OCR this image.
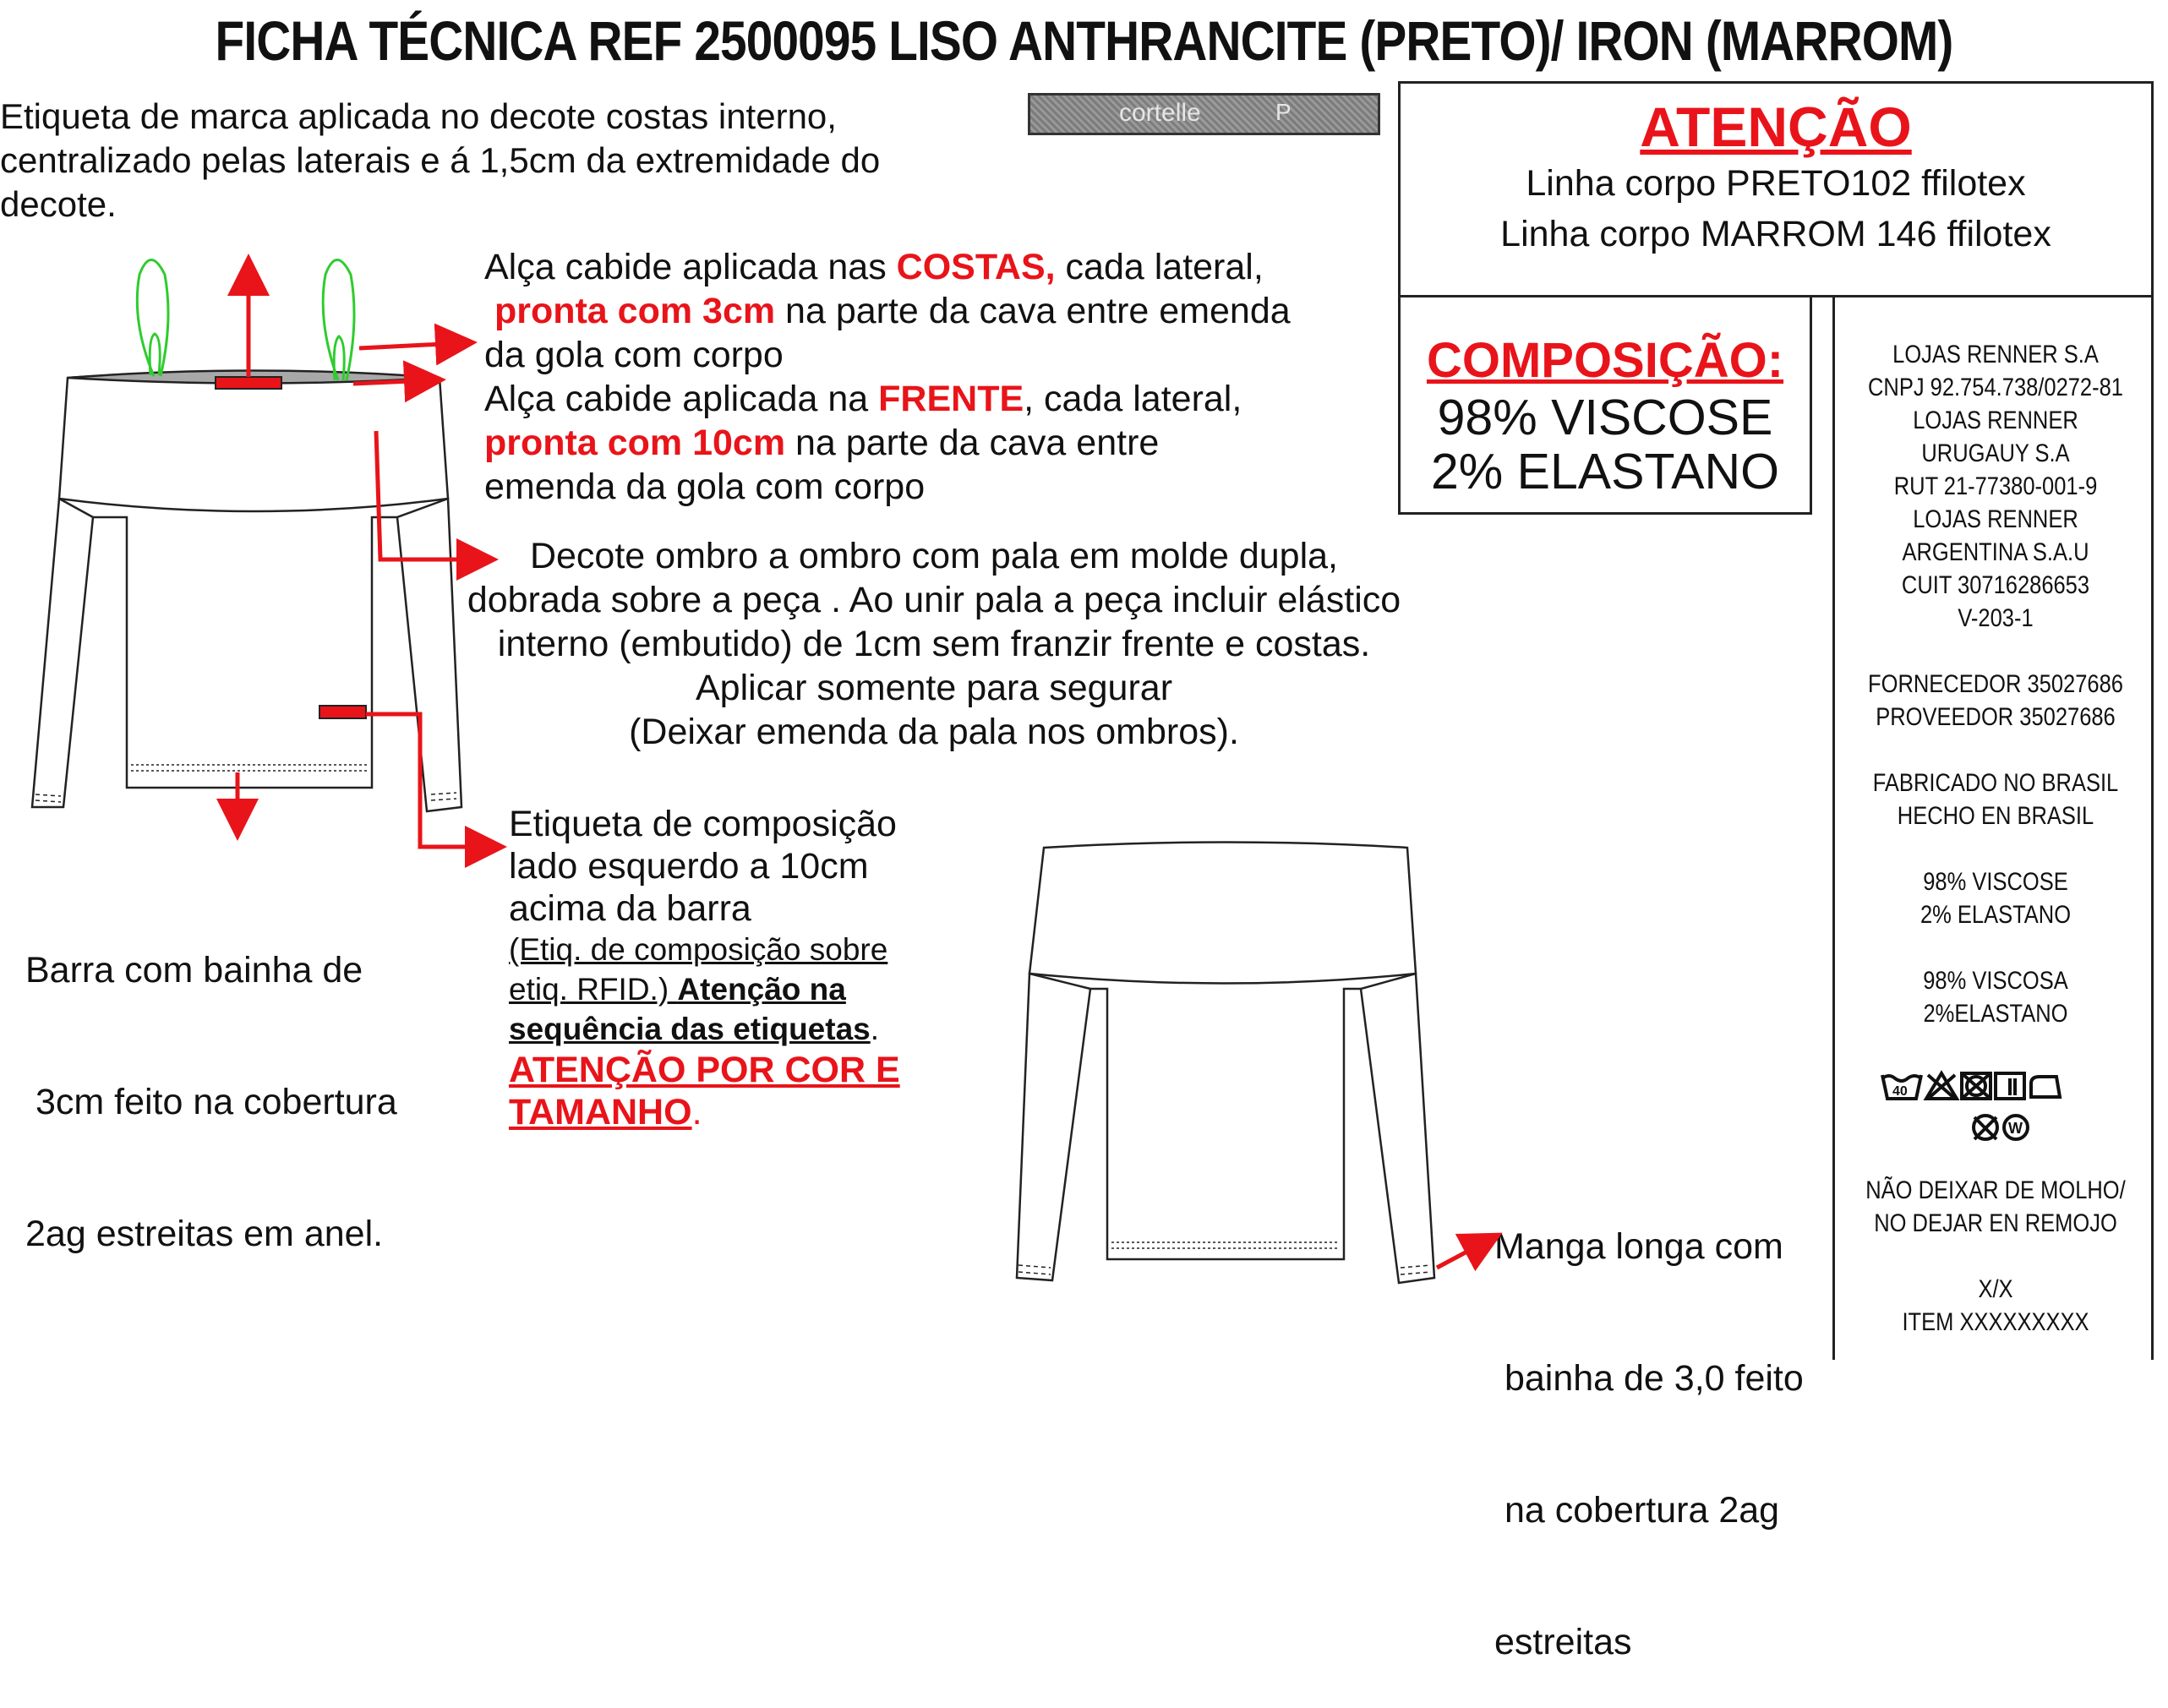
FICHA TÉCNICA REF 2500095 LISO ANTHRANCITE (PRETO)/ IRON (MARROM)
Etiqueta de marca aplicada no decote costas interno,
centralizado pelas laterais e á 1,5cm da extremidade do
decote.
cortelle	P	ATENÇÃO
Linha corpo PRETO102 ffilotex
Linha corpo MARROM 146 ffilotex
COMPOSIÇÃO:
98% VISCOSE
2% ELASTANO
LOJAS RENNER S.A
CNPJ 92.754.738/0272-81
LOJAS RENNER
URUGAUY S.A
RUT 21-77380-001-9
LOJAS RENNER
ARGENTINA S.A.U
CUIT 30716286653
V-203-1
FORNECEDOR 35027686
PROVEEDOR 35027686
FABRICADO NO BRASIL
HECHO EN BRASIL
98% VISCOSE
2% ELASTANO
98% VISCOSA
2%ELASTANO
40
W
NÃO DEIXAR DE MOLHO/
NO DEJAR EN REMOJO
X/X
ITEM XXXXXXXXX
Alça cabide aplicada nas COSTAS, cada lateral,
pronta com 3cm na parte da cava entre emenda
da gola com corpo
Alça cabide aplicada na FRENTE, cada lateral,
pronta com 10cm na parte da cava entre
emenda da gola com corpo
Decote ombro a ombro com pala em molde dupla,
dobrada sobre a peça . Ao unir pala a peça incluir elástico
interno (embutido) de 1cm sem franzir frente e costas.
Aplicar somente para segurar
(Deixar emenda da pala nos ombros).

Barra com bainha de

3cm feito na cobertura

2ag estreitas em anel.

Etiqueta de composição
lado esquerdo a 10cm
acima da barra
(Etiq. de composição sobre
etiq. RFID.) Atenção na
sequência das etiquetas.
ATENÇÃO POR COR E
TAMANHO.

Manga longa com

bainha de 3,0 feito

na cobertura 2ag

estreitas
